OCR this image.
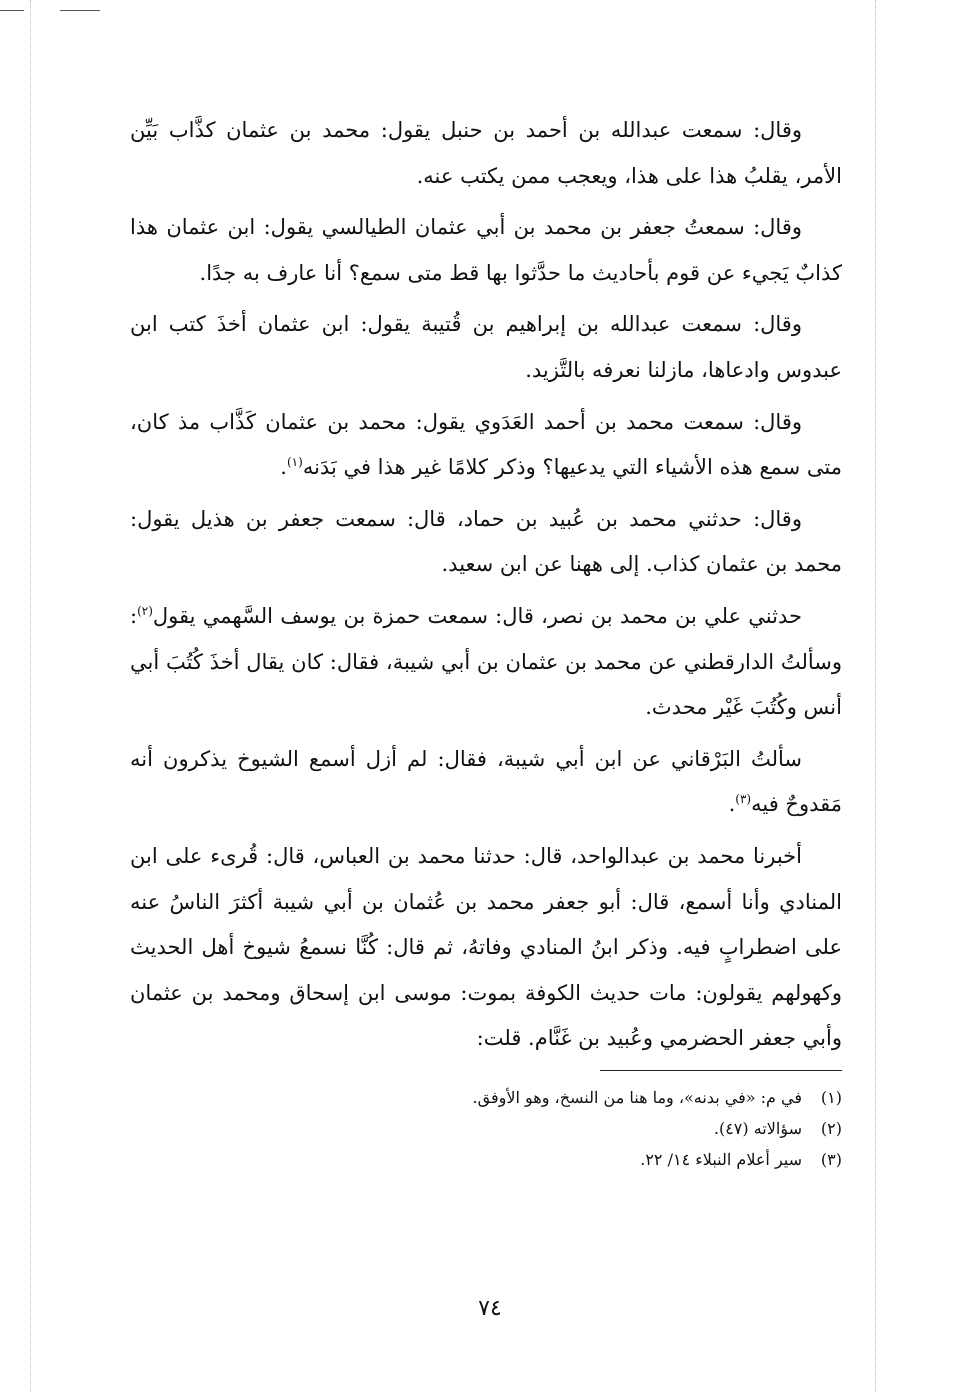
وقال: سمعت عبدالله بن أحمد بن حنبل يقول: محمد بن عثمان كذَّاب بَيِّن الأمر، يقلبُ هذا على هذا، ويعجب ممن يكتب عنه.

وقال: سمعتُ جعفر بن محمد بن أبي عثمان الطيالسي يقول: ابن عثمان هذا كذابٌ يَجيء عن قوم بأحاديث ما حدَّثوا بها قط متى سمع؟ أنا عارف به جدًا.

وقال: سمعت عبدالله بن إبراهيم بن قُتيبة يقول: ابن عثمان أخذَ كتب ابن عبدوس وادعاها، مازلنا نعرفه بالتَّزيد.

وقال: سمعت محمد بن أحمد العَدَوي يقول: محمد بن عثمان كَذَّاب مذ كان، متى سمع هذه الأشياء التي يدعيها؟ وذكر كلامًا غير هذا في بَدَنه$^{(١)}$.

وقال: حدثني محمد بن عُبيد بن حماد، قال: سمعت جعفر بن هذيل يقول: محمد بن عثمان كذاب. إلى ههنا عن ابن سعيد.

حدثني علي بن محمد بن نصر، قال: سمعت حمزة بن يوسف السَّهمي يقول$^{(٢)}$: وسألتُ الدارقطني عن محمد بن عثمان بن أبي شيبة، فقال: كان يقال أخذَ كُتُبَ أبي أنس وكُتُبَ غَيْر محدث.

سألتُ البَرْقاني عن ابن أبي شيبة، فقال: لم أزل أسمع الشيوخ يذكرون أنه مَقدوحٌ فيه$^{(٣)}$.

أخبرنا محمد بن عبدالواحد، قال: حدثنا محمد بن العباس، قال: قُرىء على ابن المنادي وأنا أسمع، قال: أبو جعفر محمد بن عُثمان بن أبي شيبة أكثرَ الناسُ عنه على اضطرابٍ فيه. وذكر ابنُ المنادي وفاتهُ، ثم قال: كُنَّا نسمعُ شيوخ أهل الحديث وكهولهم يقولون: مات حديث الكوفة بموت: موسى ابن إسحاق ومحمد بن عثمان وأبي جعفر الحضرمي وعُبيد بن غَنَّام. قلت:

(١)في م: «في بدنه»، وما هنا من النسخ، وهو الأوفق.

(٢)سؤالاته (٤٧).

(٣)سير أعلام النبلاء ١٤/ ٢٢.

٧٤
